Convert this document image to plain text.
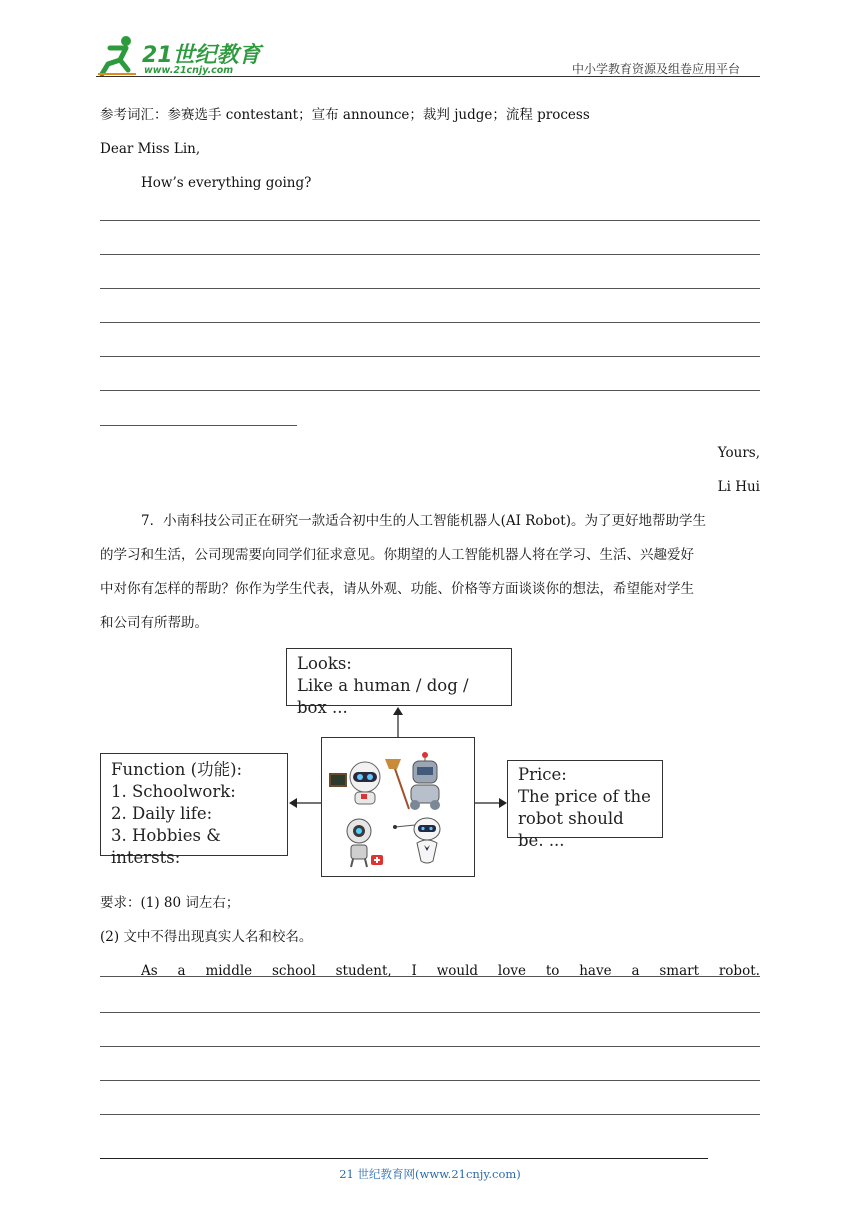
21世纪教育
www.21cnjy.com	中小学教育资源及组卷应用平台
参考词汇：参赛选手 contestant；宣布 announce；裁判 judge；流程 process
Dear Miss Lin,
How’s everything going?
Yours,
Li Hui
7．小南科技公司正在研究一款适合初中生的人工智能机器人(AI Robot)。为了更好地帮助学生
的学习和生活，公司现需要向同学们征求意见。你期望的人工智能机器人将在学习、生活、兴趣爱好
中对你有怎样的帮助？你作为学生代表，请从外观、功能、价格等方面谈谈你的想法，希望能对学生
和公司有所帮助。
Looks:
Like a human / dog / box ...
Function (功能):
1. Schoolwork:
2. Daily life:
3. Hobbies & intersts:
Price:
The price of the
robot should be. ...
要求：(1) 80 词左右；
(2) 文中不得出现真实人名和校名。
As a middle school student, I would love to have a smart robot.
21 世纪教育网(www.21cnjy.com)
